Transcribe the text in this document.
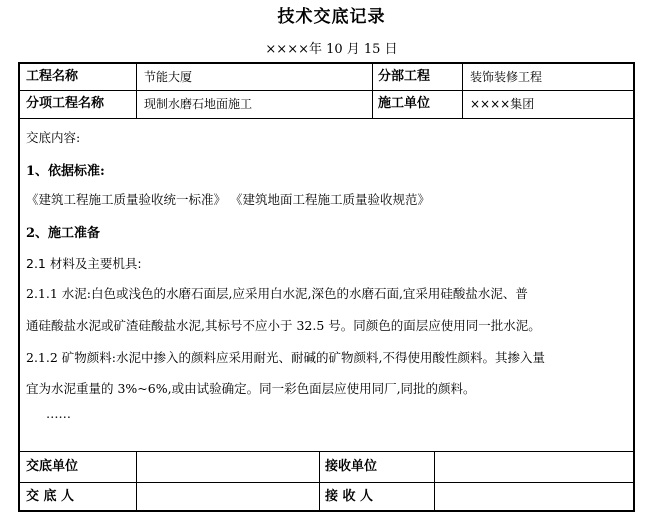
技术交底记录
××××年 10 月 15 日
工程名称	节能大厦	分部工程	装饰装修工程
分项工程名称	现制水磨石地面施工	施工单位	××××集团
交底内容:
1、依据标准:
《建筑工程施工质量验收统一标准》 《建筑地面工程施工质量验收规范》
2、施工准备
2.1 材料及主要机具:
2.1.1 水泥:白色或浅色的水磨石面层,应采用白水泥,深色的水磨石面,宜采用硅酸盐水泥、普
通硅酸盐水泥或矿渣硅酸盐水泥,其标号不应小于 32.5 号。同颜色的面层应使用同一批水泥。
2.1.2 矿物颜料:水泥中掺入的颜料应采用耐光、耐碱的矿物颜料,不得使用酸性颜料。其掺入量
宜为水泥重量的 3%~6%,或由试验确定。同一彩色面层应使用同厂,同批的颜料。
……
交底单位	接收单位
交 底 人	接 收 人
